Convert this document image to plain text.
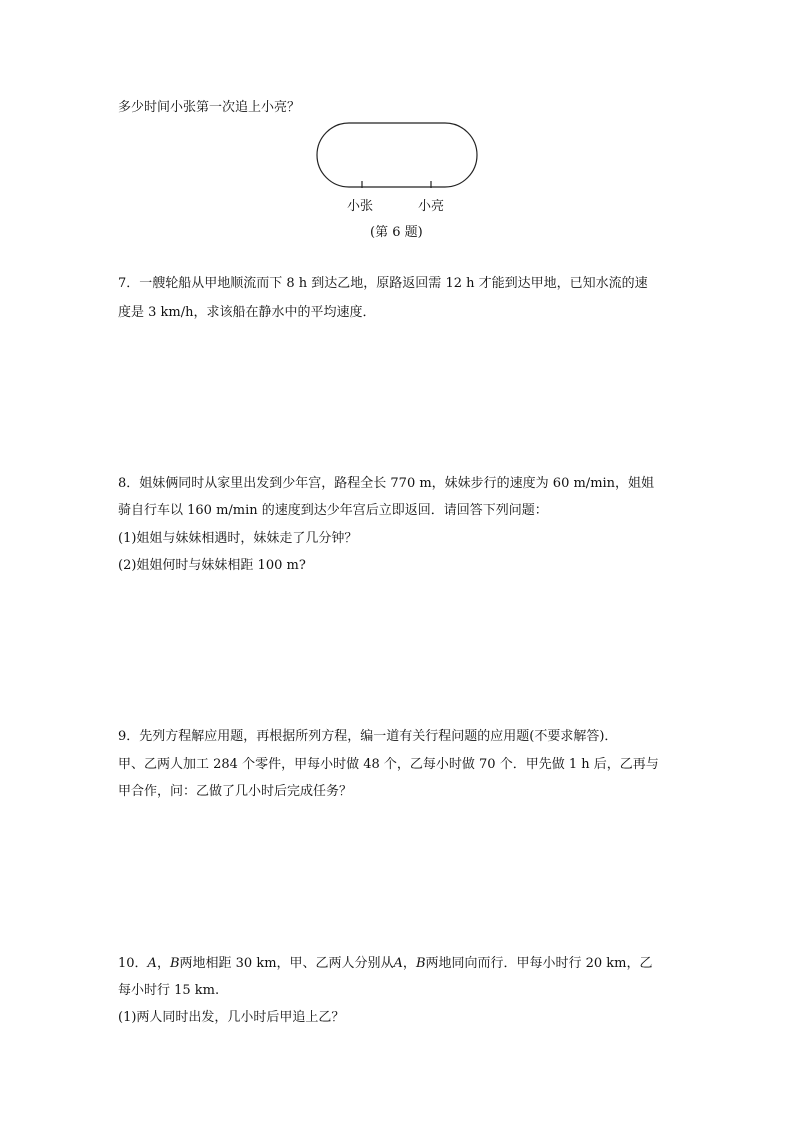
多少时间小张第一次追上小亮？
小张	小亮
(第 6 题)
7．一艘轮船从甲地顺流而下 8 h 到达乙地，原路返回需 12 h 才能到达甲地，已知水流的速
度是 3 km/h，求该船在静水中的平均速度．
8．姐妹俩同时从家里出发到少年宫，路程全长 770 m，妹妹步行的速度为 60 m/min，姐姐
骑自行车以 160 m/min 的速度到达少年宫后立即返回．请回答下列问题：
(1)姐姐与妹妹相遇时，妹妹走了几分钟？
(2)姐姐何时与妹妹相距 100 m?
9．先列方程解应用题，再根据所列方程，编一道有关行程问题的应用题(不要求解答)．
甲、乙两人加工 284 个零件，甲每小时做 48 个，乙每小时做 70 个．甲先做 1 h 后，乙再与
甲合作，问：乙做了几小时后完成任务？
10．A，B两地相距 30 km，甲、乙两人分别从A，B两地同向而行．甲每小时行 20 km，乙
每小时行 15 km.
(1)两人同时出发，几小时后甲追上乙？
